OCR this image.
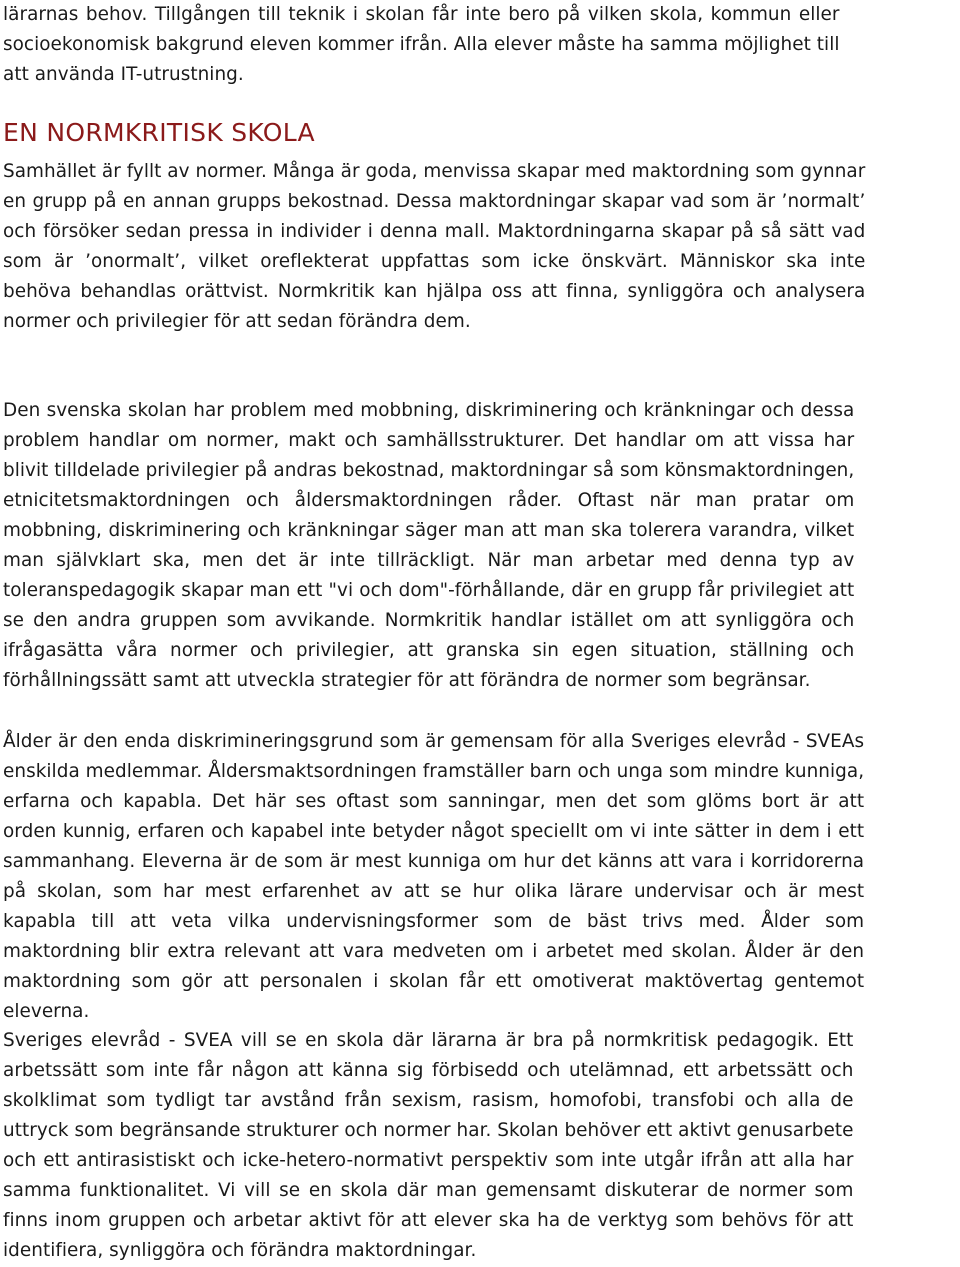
lärarnas behov. Tillgången till teknik i skolan får inte bero på vilken skola, kommun eller
socioekonomisk bakgrund eleven kommer ifrån. Alla elever måste ha samma möjlighet till
att använda IT-utrustning.

EN NORMKRITISK SKOLA

Samhället är fyllt av normer. Många är goda, menvissa skapar med maktordning som gynnar
en grupp på en annan grupps bekostnad. Dessa maktordningar skapar vad som är ’normalt’
och försöker sedan pressa in individer i denna mall. Maktordningarna skapar på så sätt vad
som är ’onormalt’, vilket oreflekterat uppfattas som icke önskvärt. Människor ska inte
behöva behandlas orättvist. Normkritik kan hjälpa oss att finna, synliggöra och analysera
normer och privilegier för att sedan förändra dem.

Den svenska skolan har problem med mobbning, diskriminering och kränkningar och dessa
problem handlar om normer, makt och samhällsstrukturer. Det handlar om att vissa har
blivit tilldelade privilegier på andras bekostnad, maktordningar så som könsmaktordningen,
etnicitetsmaktordningen och åldersmaktordningen råder. Oftast när man pratar om
mobbning, diskriminering och kränkningar säger man att man ska tolerera varandra, vilket
man självklart ska, men det är inte tillräckligt. När man arbetar med denna typ av
toleranspedagogik skapar man ett "vi och dom"-förhållande, där en grupp får privilegiet att
se den andra gruppen som avvikande. Normkritik handlar istället om att synliggöra och
ifrågasätta våra normer och privilegier, att granska sin egen situation, ställning och
förhållningssätt samt att utveckla strategier för att förändra de normer som begränsar.

Ålder är den enda diskrimineringsgrund som är gemensam för alla Sveriges elevråd - SVEAs
enskilda medlemmar. Åldersmaktsordningen framställer barn och unga som mindre kunniga,
erfarna och kapabla. Det här ses oftast som sanningar, men det som glöms bort är att
orden kunnig, erfaren och kapabel inte betyder något speciellt om vi inte sätter in dem i ett
sammanhang. Eleverna är de som är mest kunniga om hur det känns att vara i korridorerna
på skolan, som har mest erfarenhet av att se hur olika lärare undervisar och är mest
kapabla till att veta vilka undervisningsformer som de bäst trivs med. Ålder som
maktordning blir extra relevant att vara medveten om i arbetet med skolan. Ålder är den
maktordning som gör att personalen i skolan får ett omotiverat maktövertag gentemot
eleverna.

Sveriges elevråd - SVEA vill se en skola där lärarna är bra på normkritisk pedagogik. Ett
arbetssätt som inte får någon att känna sig förbisedd och utelämnad, ett arbetssätt och
skolklimat som tydligt tar avstånd från sexism, rasism, homofobi, transfobi och alla de
uttryck som begränsande strukturer och normer har. Skolan behöver ett aktivt genusarbete
och ett antirasistiskt och icke-hetero-normativt perspektiv som inte utgår ifrån att alla har
samma funktionalitet. Vi vill se en skola där man gemensamt diskuterar de normer som
finns inom gruppen och arbetar aktivt för att elever ska ha de verktyg som behövs för att
identifiera, synliggöra och förändra maktordningar.
